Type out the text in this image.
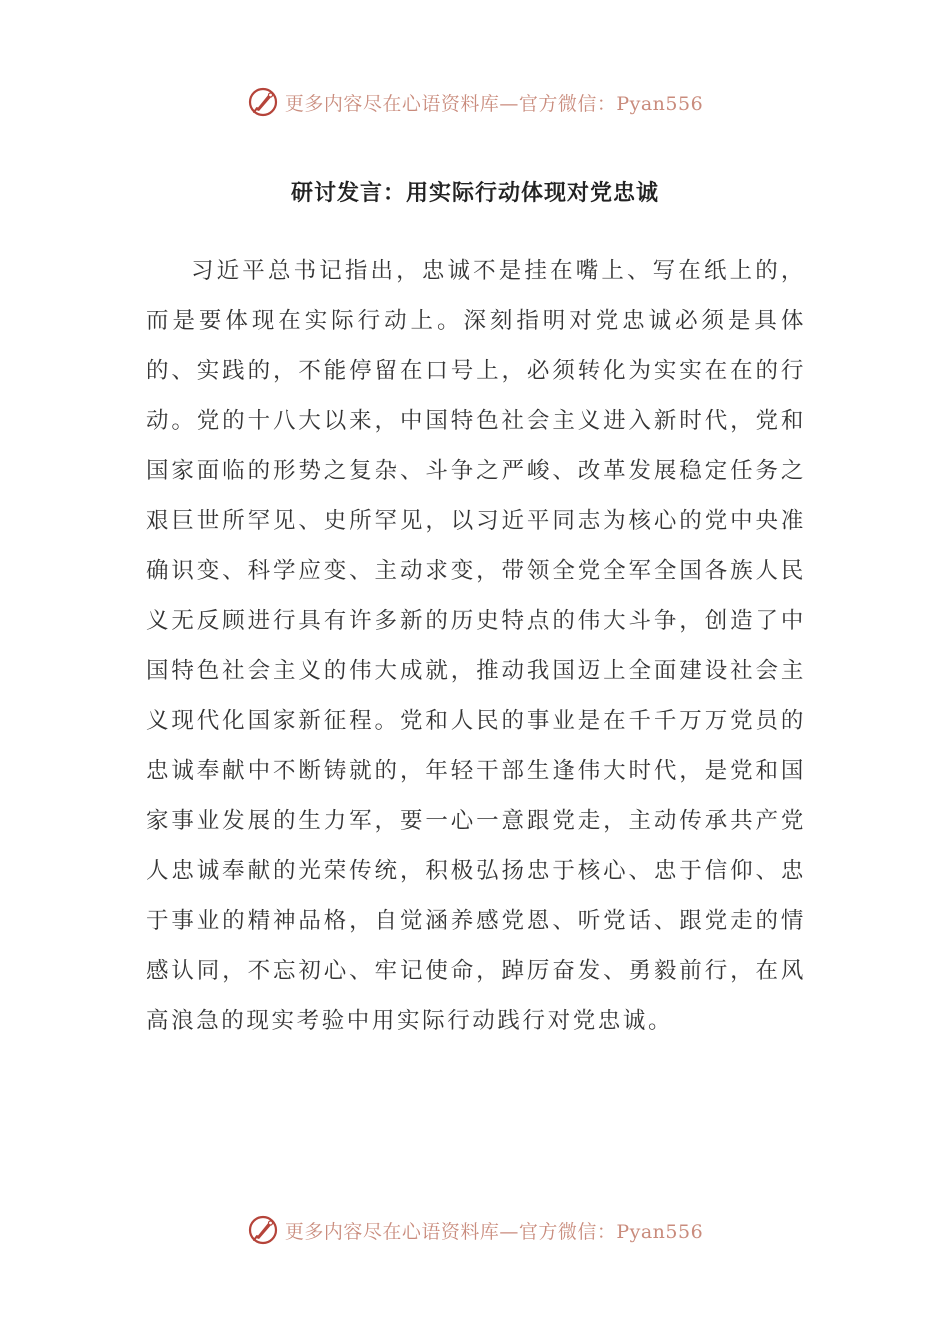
更多内容尽在心语资料库—官方微信：Pyan556
研讨发言：用实际行动体现对党忠诚

习近平总书记指出，忠诚不是挂在嘴上、写在纸上的，而是要体现在实际行动上。深刻指明对党忠诚必须是具体的、实践的，不能停留在口号上，必须转化为实实在在的行动。党的十八大以来，中国特色社会主义进入新时代，党和国家面临的形势之复杂、斗争之严峻、改革发展稳定任务之艰巨世所罕见、史所罕见，以习近平同志为核心的党中央准确识变、科学应变、主动求变，带领全党全军全国各族人民义无反顾进行具有许多新的历史特点的伟大斗争，创造了中国特色社会主义的伟大成就，推动我国迈上全面建设社会主义现代化国家新征程。党和人民的事业是在千千万万党员的忠诚奉献中不断铸就的，年轻干部生逢伟大时代，是党和国家事业发展的生力军，要一心一意跟党走，主动传承共产党人忠诚奉献的光荣传统，积极弘扬忠于核心、忠于信仰、忠于事业的精神品格，自觉涵养感党恩、听党话、跟党走的情感认同，不忘初心、牢记使命，踔厉奋发、勇毅前行，在风高浪急的现实考验中用实际行动践行对党忠诚。

更多内容尽在心语资料库—官方微信：Pyan556
